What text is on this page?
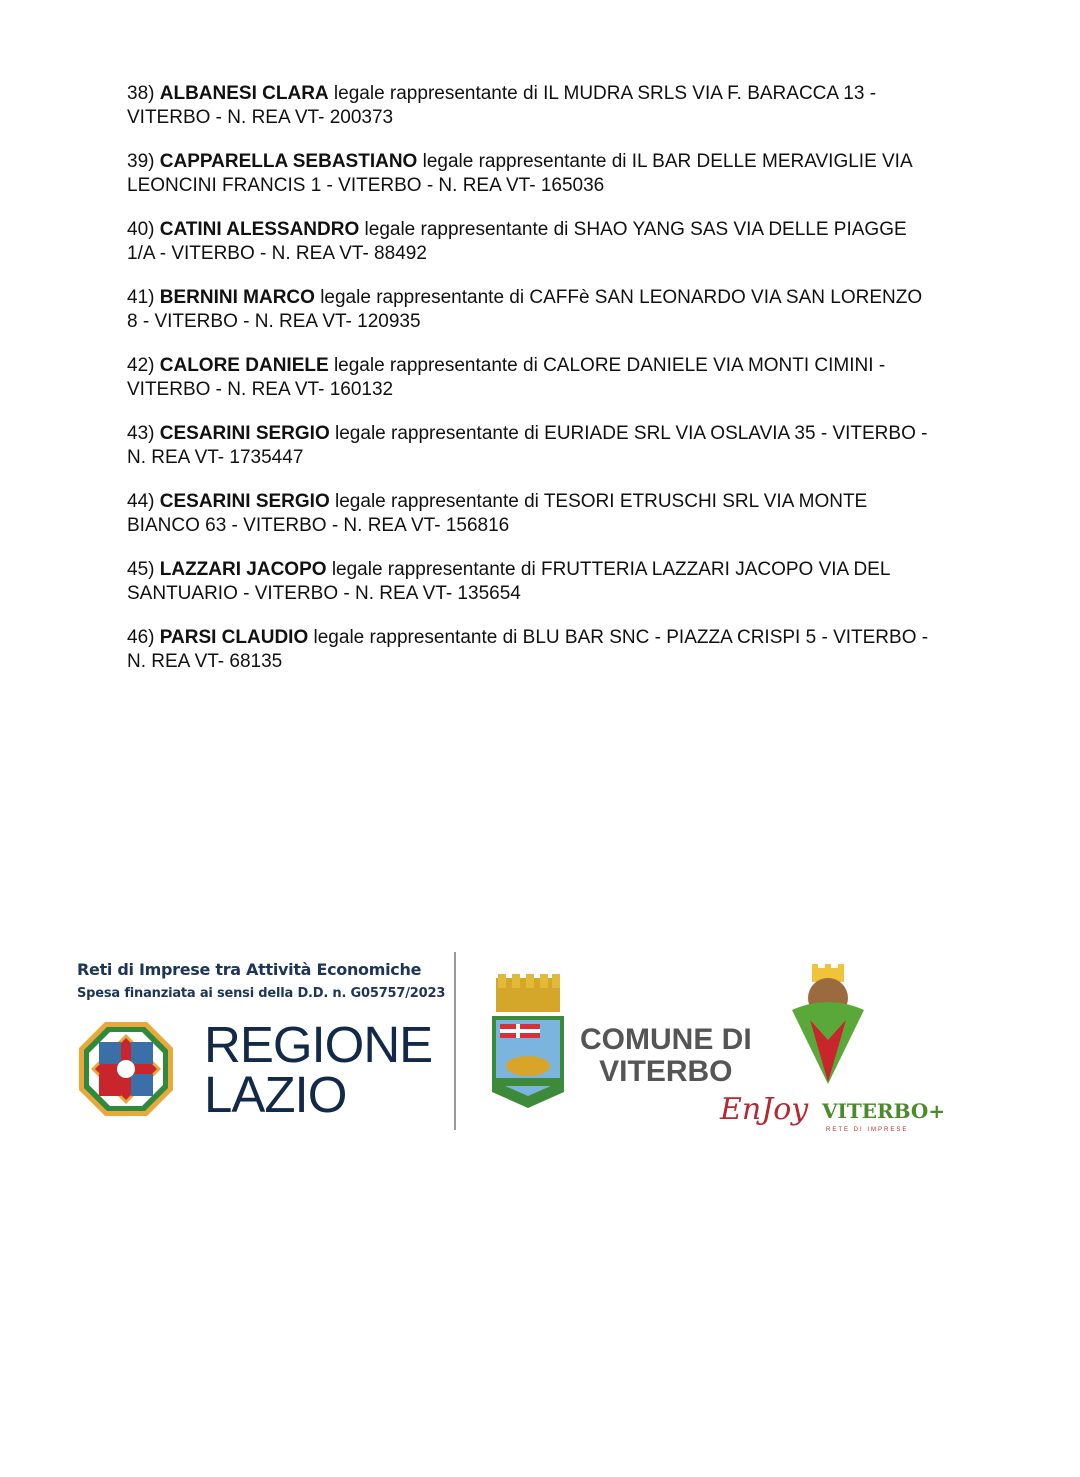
38) ALBANESI CLARA legale rappresentante di IL MUDRA SRLS VIA F. BARACCA 13 -
VITERBO - N. REA VT- 200373

39) CAPPARELLA SEBASTIANO legale rappresentante di IL BAR DELLE MERAVIGLIE VIA
LEONCINI FRANCIS 1 - VITERBO - N. REA VT- 165036

40) CATINI ALESSANDRO legale rappresentante di SHAO YANG SAS VIA DELLE PIAGGE
1/A - VITERBO - N. REA VT- 88492

41) BERNINI MARCO legale rappresentante di CAFFè SAN LEONARDO VIA SAN LORENZO
8 - VITERBO - N. REA VT- 120935

42) CALORE DANIELE legale rappresentante di CALORE DANIELE VIA MONTI CIMINI -
VITERBO - N. REA VT- 160132

43) CESARINI SERGIO legale rappresentante di EURIADE SRL VIA OSLAVIA 35 - VITERBO -
N. REA VT- 1735447

44) CESARINI SERGIO legale rappresentante di TESORI ETRUSCHI SRL VIA MONTE
BIANCO 63 - VITERBO - N. REA VT- 156816

45) LAZZARI JACOPO legale rappresentante di FRUTTERIA LAZZARI JACOPO VIA DEL
SANTUARIO - VITERBO - N. REA VT- 135654

46) PARSI CLAUDIO legale rappresentante di BLU BAR SNC - PIAZZA CRISPI 5 - VITERBO -
N. REA VT- 68135

Reti di Imprese tra Attività Economiche
Spesa finanziata ai sensi della D.D. n. G05757/2023
REGIONE
LAZIO
COMUNE DI
VITERBO
EnJoy VITERBO+
RETE DI IMPRESE
